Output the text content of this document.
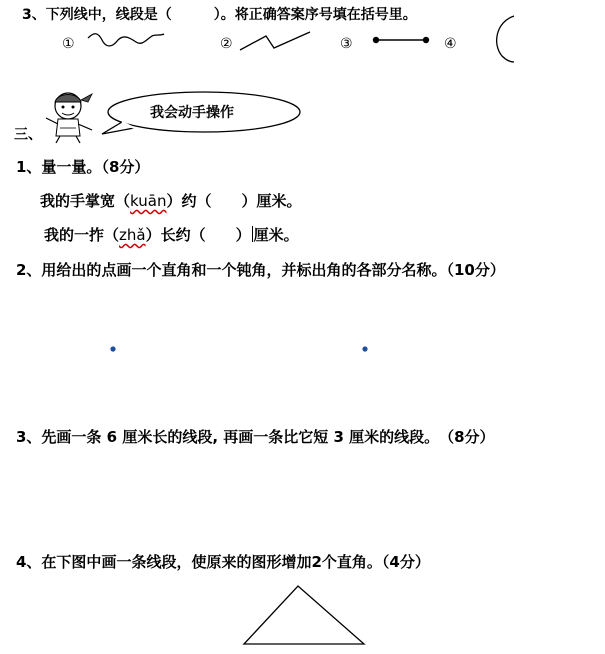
3、下列线中，线段是（　　　）。将正确答案序号填在括号里。
①	②	③	④
三、
我会动手操作
1、量一量。（8分）
我的手掌宽（kuān）约（　　）厘米。
我的一拃（zhǎ）长约（　　） 厘米。
2、用给出的点画一个直角和一个钝角，并标出角的各部分名称。（10分）
3、先画一条 6 厘米长的线段, 再画一条比它短 3 厘米的线段。　（8分）
4、在下图中画一条线段，使原来的图形增加2个直角。（4分）
